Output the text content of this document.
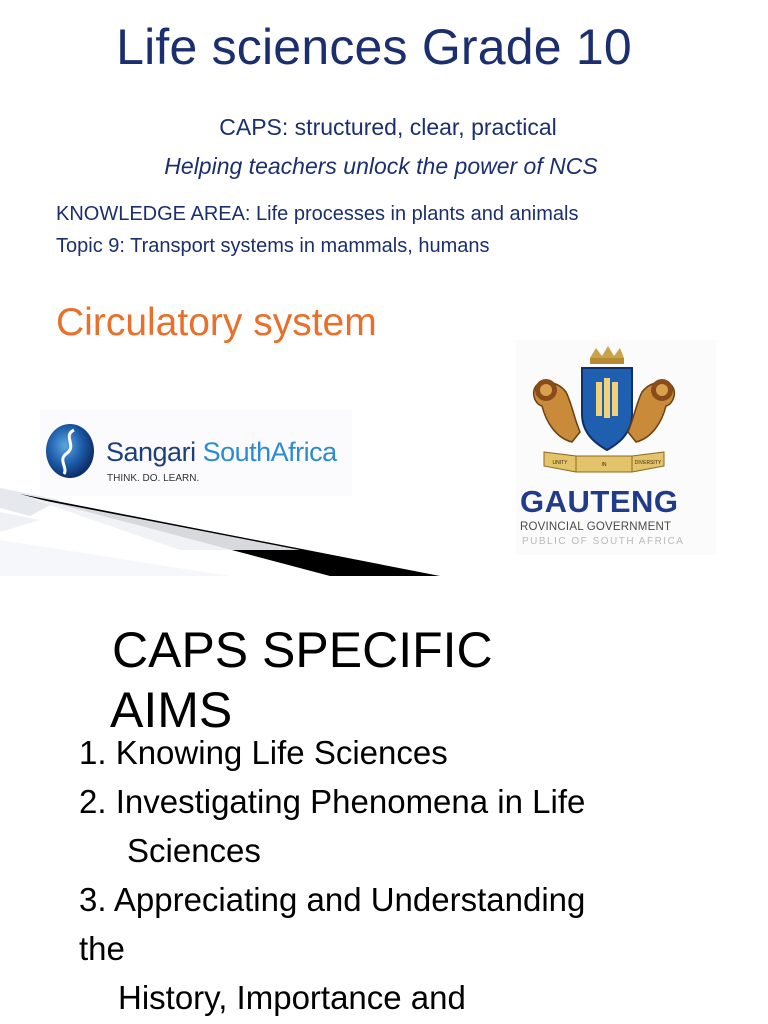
Life sciences Grade 10
CAPS: structured, clear, practical
Helping teachers unlock the power of NCS
KNOWLEDGE AREA: Life processes in plants and animals
Topic 9: Transport systems in mammals, humans
Circulatory system
Sangari SouthAfrica
THINK. DO. LEARN.
UNITY	IN	DIVERSITY
GAUTENG
ROVINCIAL GOVERNMENT
PUBLIC OF SOUTH AFRICA
CAPS SPECIFIC
AIMS
1. Knowing Life Sciences
2. Investigating Phenomena in Life
Sciences
3. Appreciating and Understanding
the
History, Importance and
